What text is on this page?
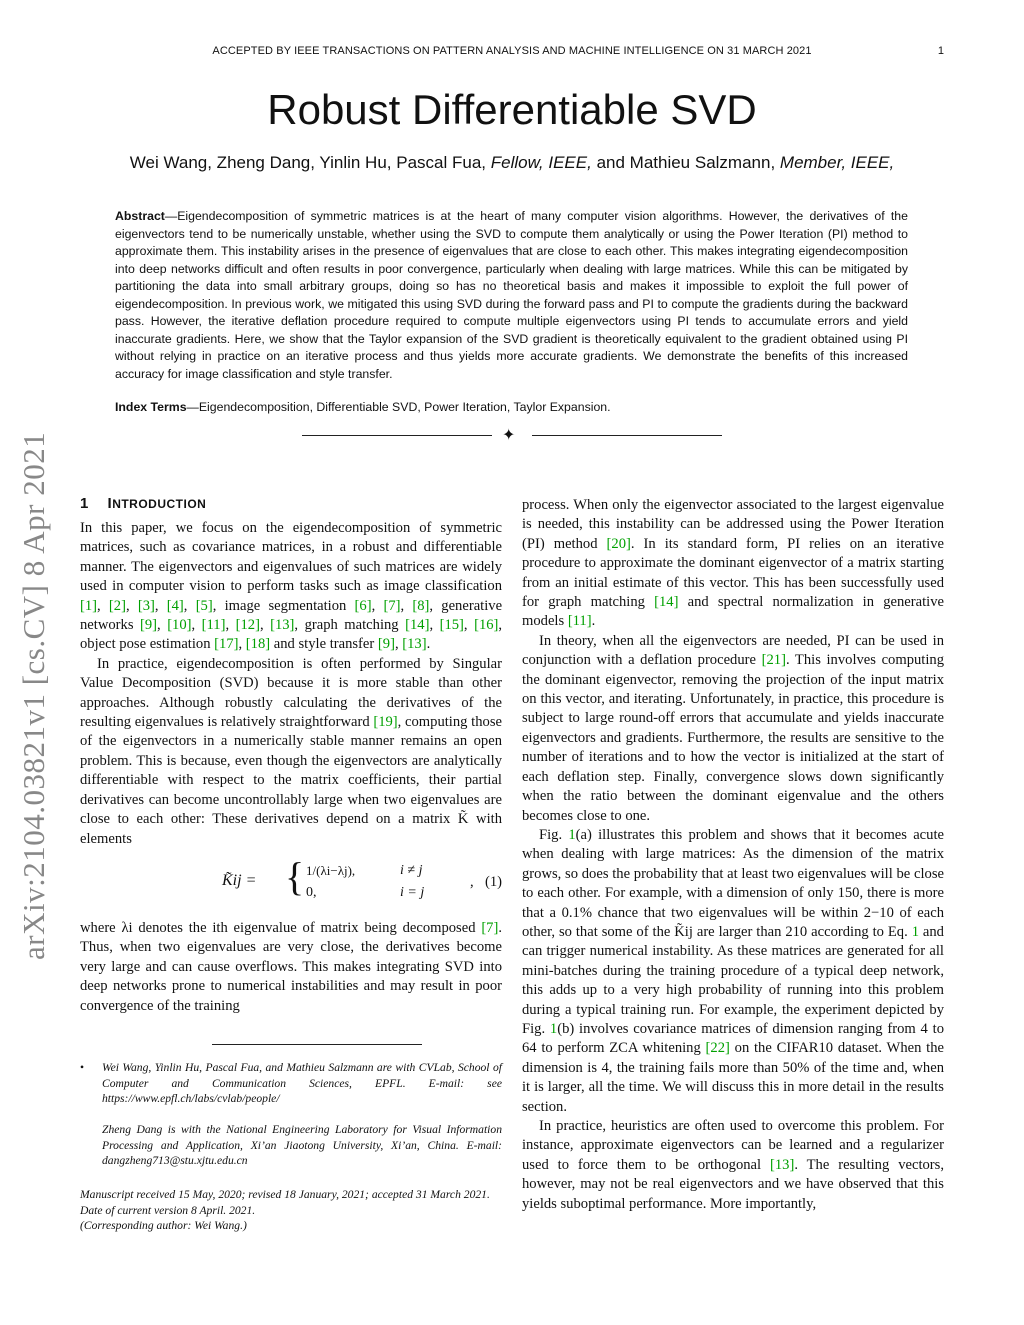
ACCEPTED BY IEEE TRANSACTIONS ON PATTERN ANALYSIS AND MACHINE INTELLIGENCE ON 31 MARCH 2021	1
Robust Differentiable SVD
Wei Wang, Zheng Dang, Yinlin Hu, Pascal Fua, Fellow, IEEE, and Mathieu Salzmann, Member, IEEE,
Abstract—Eigendecomposition of symmetric matrices is at the heart of many computer vision algorithms. However, the derivatives of the eigenvectors tend to be numerically unstable, whether using the SVD to compute them analytically or using the Power Iteration (PI) method to approximate them. This instability arises in the presence of eigenvalues that are close to each other. This makes integrating eigendecomposition into deep networks difficult and often results in poor convergence, particularly when dealing with large matrices. While this can be mitigated by partitioning the data into small arbitrary groups, doing so has no theoretical basis and makes it impossible to exploit the full power of eigendecomposition. In previous work, we mitigated this using SVD during the forward pass and PI to compute the gradients during the backward pass. However, the iterative deflation procedure required to compute multiple eigenvectors using PI tends to accumulate errors and yield inaccurate gradients. Here, we show that the Taylor expansion of the SVD gradient is theoretically equivalent to the gradient obtained using PI without relying in practice on an iterative process and thus yields more accurate gradients. We demonstrate the benefits of this increased accuracy for image classification and style transfer.
Index Terms—Eigendecomposition, Differentiable SVD, Power Iteration, Taylor Expansion.
✦
arXiv:2104.03821v1 [cs.CV] 8 Apr 2021 1 INTRODUCTION

In this paper, we focus on the eigendecomposition of symmetric matrices, such as covariance matrices, in a robust and differentiable manner. The eigenvectors and eigenvalues of such matrices are widely used in computer vision to perform tasks such as image classification [1], [2], [3], [4], [5], image segmentation [6], [7], [8], generative networks [9], [10], [11], [12], [13], graph matching [14], [15], [16], object pose estimation [17], [18] and style transfer [9], [13].

In practice, eigendecomposition is often performed by Singular Value Decomposition (SVD) because it is more stable than other approaches. Although robustly calculating the derivatives of the resulting eigenvalues is relatively straightforward [19], computing those of the eigenvectors in a numerically stable manner remains an open problem. This is because, even though the eigenvectors are analytically differentiable with respect to the matrix coefficients, their partial derivatives can become uncontrollably large when two eigenvalues are close to each other: These derivatives depend on a matrix K̃ with elements

K̃ij = { 1/(λi−λj),	i ≠ j
0,	i = j
, (1)

where λi denotes the ith eigenvalue of matrix being decomposed [7]. Thus, when two eigenvalues are very close, the derivatives become very large and can cause overflows. This makes integrating SVD into deep networks prone to numerical instabilities and may result in poor convergence of the training

• Wei Wang, Yinlin Hu, Pascal Fua, and Mathieu Salzmann are with CVLab, School of Computer and Communication Sciences, EPFL. E-mail: see https://www.epfl.ch/labs/cvlab/people/
Zheng Dang is with the National Engineering Laboratory for Visual Information Processing and Application, Xi’an Jiaotong University, Xi’an, China. E-mail: dangzheng713@stu.xjtu.edu.cn
Manuscript received 15 May, 2020; revised 18 January, 2021; accepted 31 March 2021.
Date of current version 8 April. 2021.
(Corresponding author: Wei Wang.)

process. When only the eigenvector associated to the largest eigenvalue is needed, this instability can be addressed using the Power Iteration (PI) method [20]. In its standard form, PI relies on an iterative procedure to approximate the dominant eigenvector of a matrix starting from an initial estimate of this vector. This has been successfully used for graph matching [14] and spectral normalization in generative models [11].

In theory, when all the eigenvectors are needed, PI can be used in conjunction with a deflation procedure [21]. This involves computing the dominant eigenvector, removing the projection of the input matrix on this vector, and iterating. Unfortunately, in practice, this procedure is subject to large round-off errors that accumulate and yields inaccurate eigenvectors and gradients. Furthermore, the results are sensitive to the number of iterations and to how the vector is initialized at the start of each deflation step. Finally, convergence slows down significantly when the ratio between the dominant eigenvalue and the others becomes close to one.

Fig. 1(a) illustrates this problem and shows that it becomes acute when dealing with large matrices: As the dimension of the matrix grows, so does the probability that at least two eigenvalues will be close to each other. For example, with a dimension of only 150, there is more that a 0.1% chance that two eigenvalues will be within 2−10 of each other, so that some of the K̃ij are larger than 210 according to Eq. 1 and can trigger numerical instability. As these matrices are generated for all mini-batches during the training procedure of a typical deep network, this adds up to a very high probability of running into this problem during a typical training run. For example, the experiment depicted by Fig. 1(b) involves covariance matrices of dimension ranging from 4 to 64 to perform ZCA whitening [22] on the CIFAR10 dataset. When the dimension is 4, the training fails more than 50% of the time and, when it is larger, all the time. We will discuss this in more detail in the results section.

In practice, heuristics are often used to overcome this problem. For instance, approximate eigenvectors can be learned and a regularizer used to force them to be orthogonal [13]. The resulting vectors, however, may not be real eigenvectors and we have observed that this yields suboptimal performance. More importantly,
